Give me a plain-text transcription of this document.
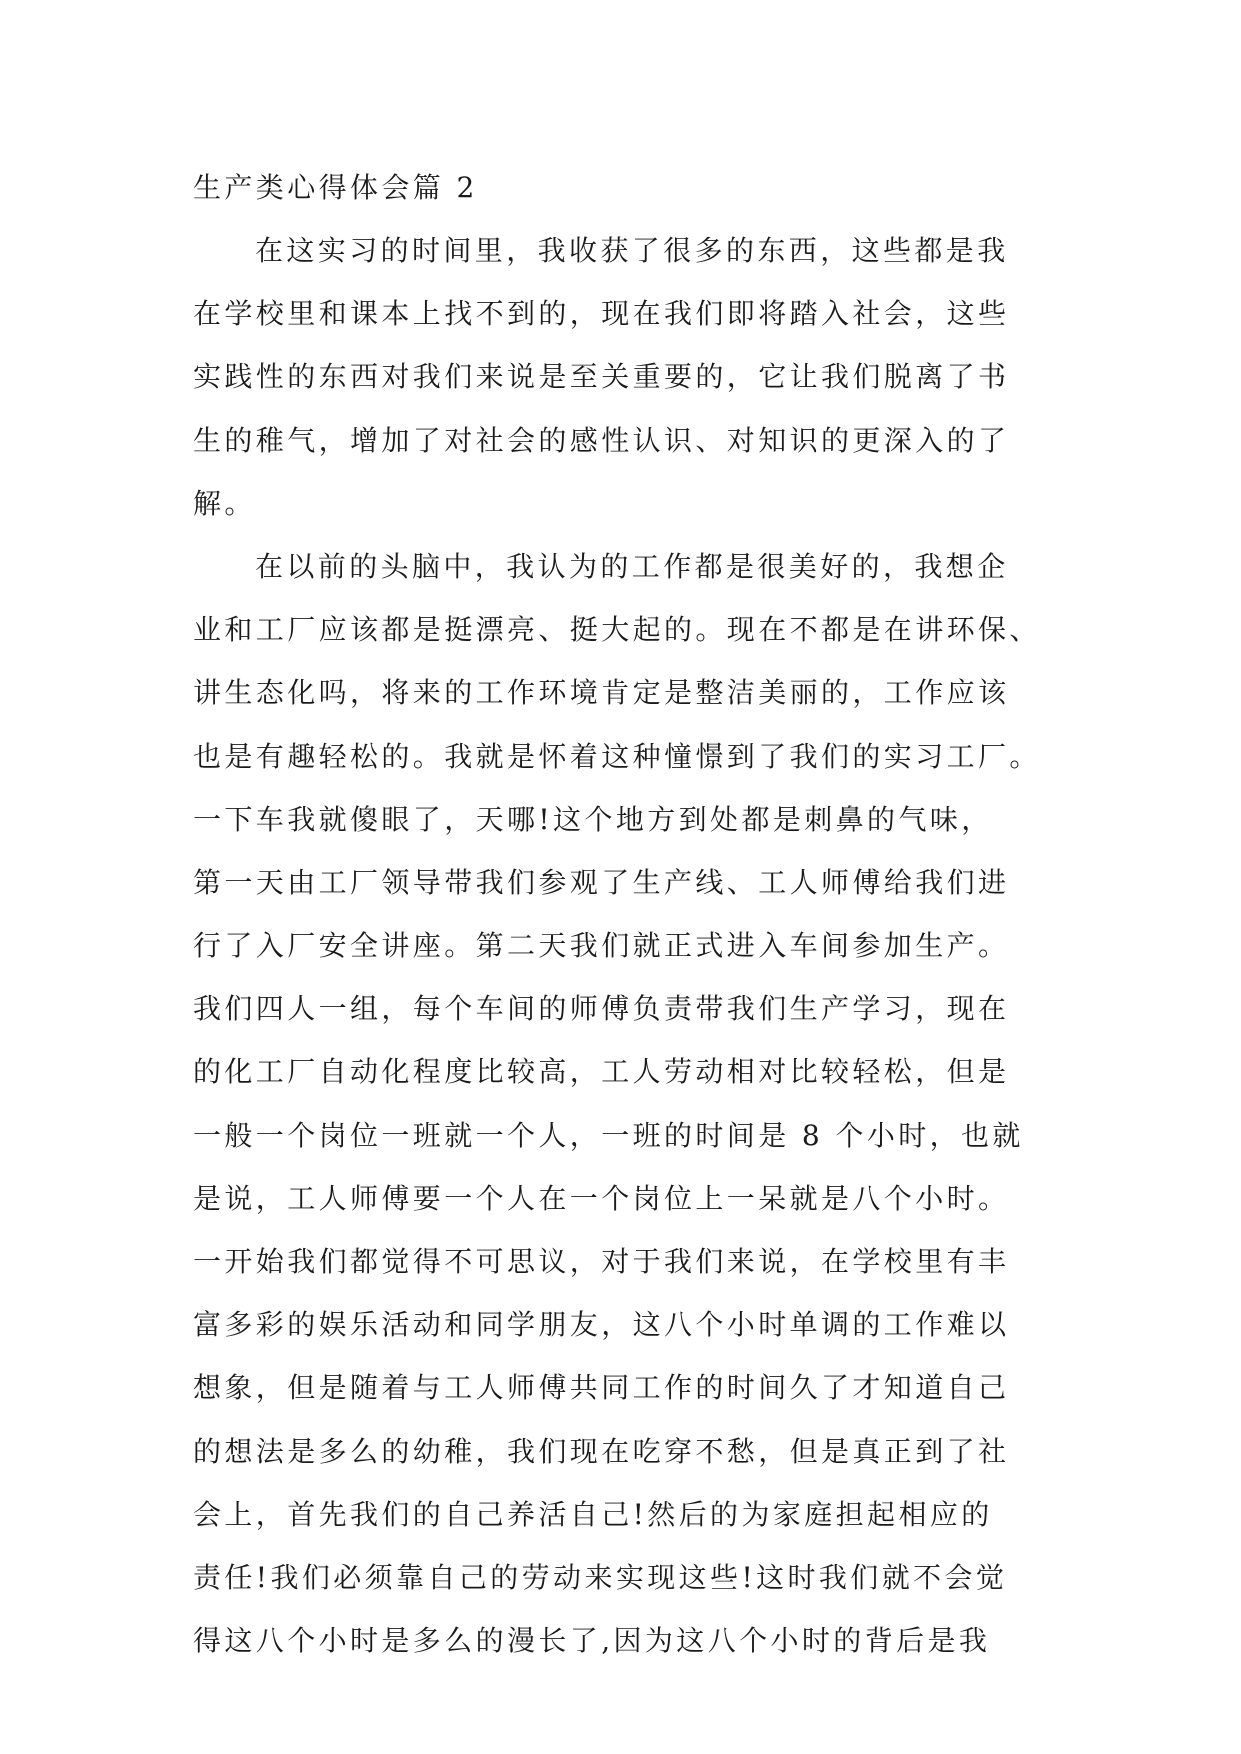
生产类心得体会篇 2
在这实习的时间里，我收获了很多的东西，这些都是我
在学校里和课本上找不到的，现在我们即将踏入社会，这些
实践性的东西对我们来说是至关重要的，它让我们脱离了书
生的稚气，增加了对社会的感性认识、对知识的更深入的了
解。
在以前的头脑中，我认为的工作都是很美好的，我想企
业和工厂应该都是挺漂亮、挺大起的。现在不都是在讲环保、
讲生态化吗，将来的工作环境肯定是整洁美丽的，工作应该
也是有趣轻松的。我就是怀着这种憧憬到了我们的实习工厂。
一下车我就傻眼了，天哪!这个地方到处都是刺鼻的气味，
第一天由工厂领导带我们参观了生产线、工人师傅给我们进
行了入厂安全讲座。第二天我们就正式进入车间参加生产。
我们四人一组，每个车间的师傅负责带我们生产学习，现在
的化工厂自动化程度比较高，工人劳动相对比较轻松，但是
一般一个岗位一班就一个人，一班的时间是 8 个小时，也就
是说，工人师傅要一个人在一个岗位上一呆就是八个小时。
一开始我们都觉得不可思议，对于我们来说，在学校里有丰
富多彩的娱乐活动和同学朋友，这八个小时单调的工作难以
想象，但是随着与工人师傅共同工作的时间久了才知道自己
的想法是多么的幼稚，我们现在吃穿不愁，但是真正到了社
会上，首先我们的自己养活自己!然后的为家庭担起相应的
责任!我们必须靠自己的劳动来实现这些!这时我们就不会觉
得这八个小时是多么的漫长了,因为这八个小时的背后是我
